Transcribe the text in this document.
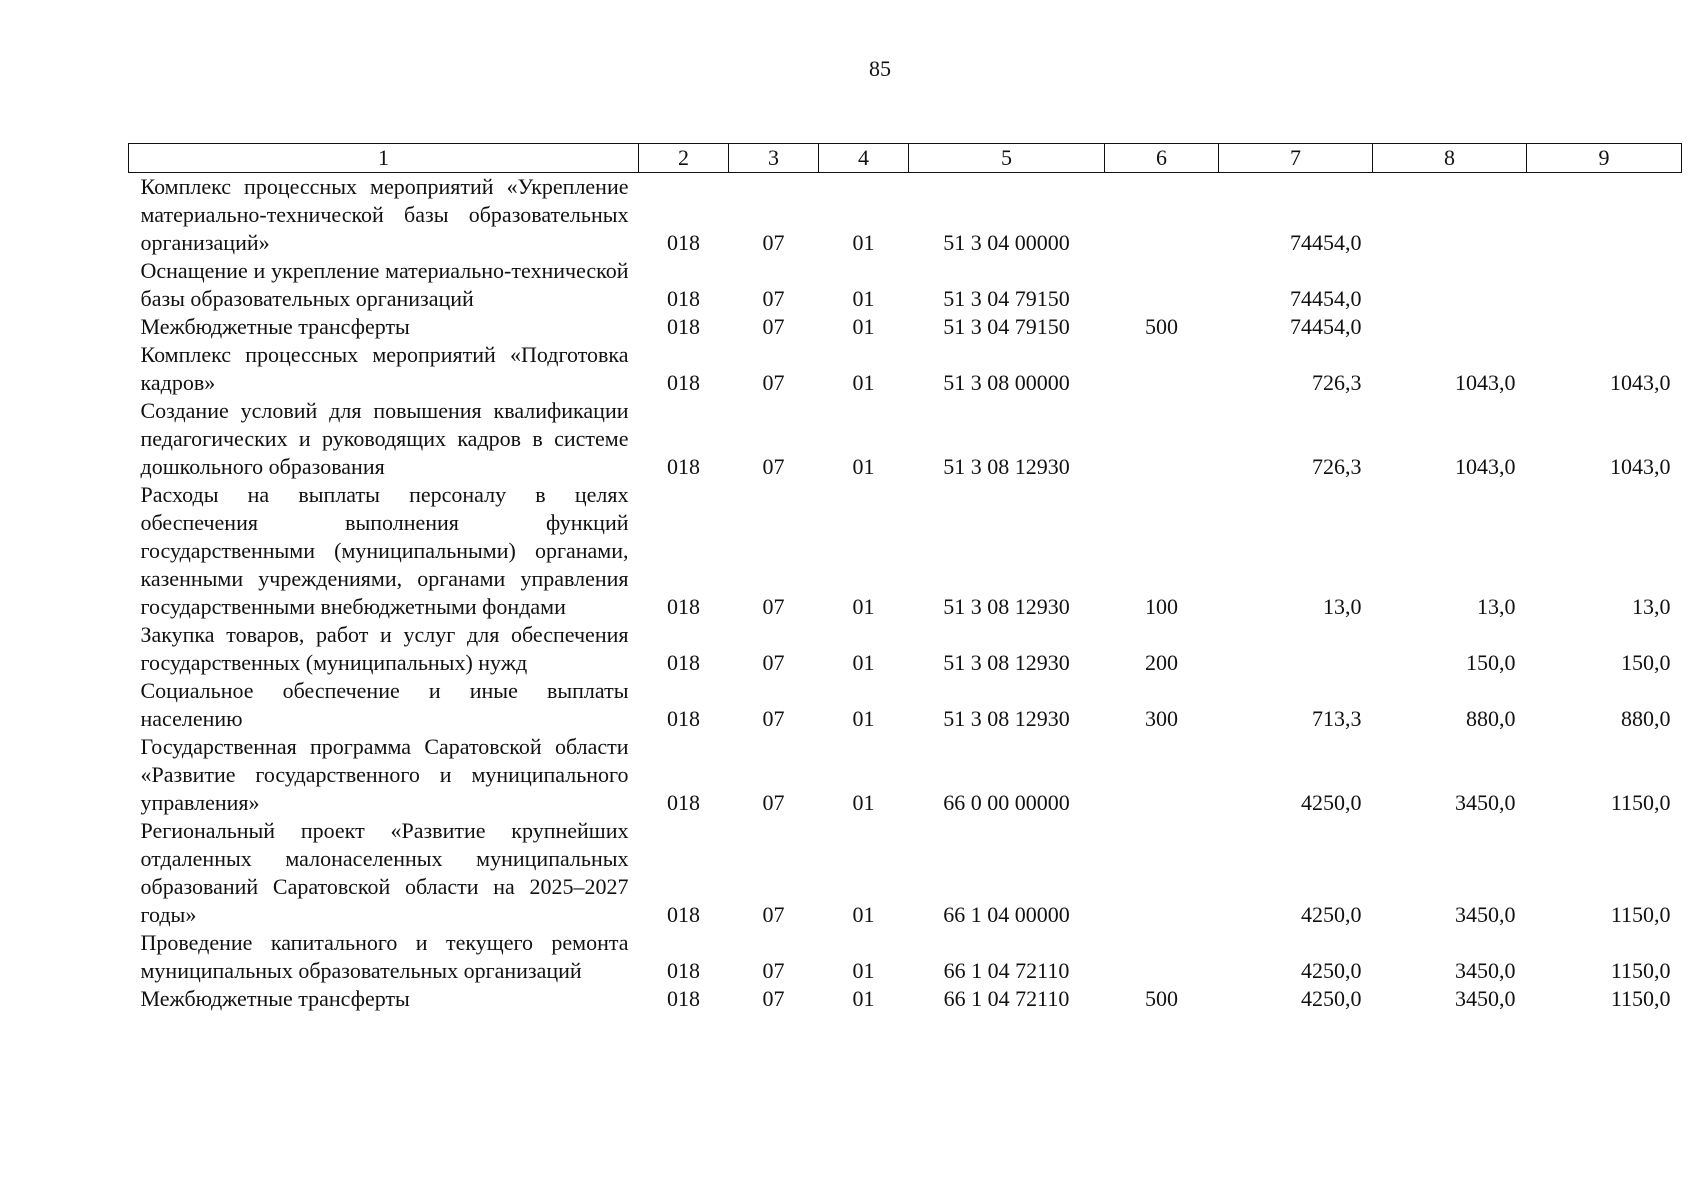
85
1	2	3	4	5	6	7	8	9
Комплекс процессных мероприятий «Укрепление материально-технической базы образовательных организаций»	018	07	01	51 3 04 00000		74454,0		
Оснащение и укрепление материально-технической базы образовательных организаций	018	07	01	51 3 04 79150		74454,0		
Межбюджетные трансферты	018	07	01	51 3 04 79150	500	74454,0		
Комплекс процессных мероприятий «Подготовка кадров»	018	07	01	51 3 08 00000		726,3	1043,0	1043,0
Создание условий для повышения квалификации педагогических и руководящих кадров в системе дошкольного образования	018	07	01	51 3 08 12930		726,3	1043,0	1043,0
Расходы на выплаты персоналу в целях обеспечения выполнения функций государственными (муниципальными) органами, казенными учреждениями, органами управления государственными внебюджетными фондами	018	07	01	51 3 08 12930	100	13,0	13,0	13,0
Закупка товаров, работ и услуг для обеспечения государственных (муниципальных) нужд	018	07	01	51 3 08 12930	200		150,0	150,0
Социальное обеспечение и иные выплаты населению	018	07	01	51 3 08 12930	300	713,3	880,0	880,0
Государственная программа Саратовской области «Развитие государственного и муниципального управления»	018	07	01	66 0 00 00000		4250,0	3450,0	1150,0
Региональный проект «Развитие крупнейших отдаленных малонаселенных муниципальных образований Саратовской области на 2025–2027 годы»	018	07	01	66 1 04 00000		4250,0	3450,0	1150,0
Проведение капитального и текущего ремонта муниципальных образовательных организаций	018	07	01	66 1 04 72110		4250,0	3450,0	1150,0
Межбюджетные трансферты	018	07	01	66 1 04 72110	500	4250,0	3450,0	1150,0
